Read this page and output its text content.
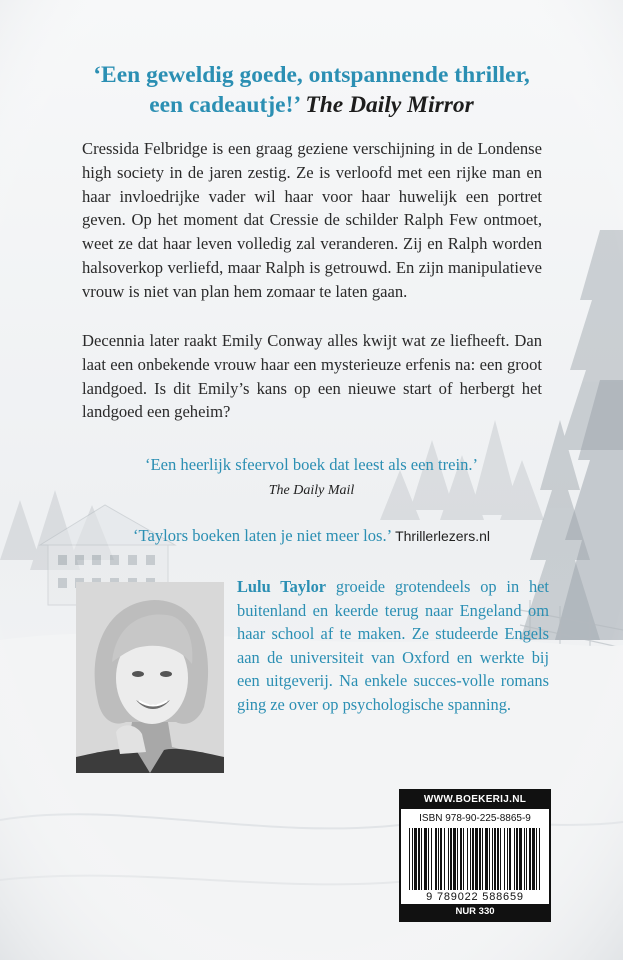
‘Een geweldig goede, ontspannende thriller,
een cadeautje!’ The Daily Mirror

Cressida Felbridge is een graag geziene verschijning in de Londense high society in de jaren zestig. Ze is verloofd met een rijke man en haar invloedrijke vader wil haar voor haar huwelijk een portret geven. Op het moment dat Cressie de schilder Ralph Few ontmoet, weet ze dat haar leven volledig zal veranderen. Zij en Ralph worden halsoverkop verliefd, maar Ralph is getrouwd. En zijn manipulatieve vrouw is niet van plan hem zomaar te laten gaan.

Decennia later raakt Emily Conway alles kwijt wat ze liefheeft. Dan laat een onbekende vrouw haar een mysterieuze erfenis na: een groot landgoed. Is dit Emily’s kans op een nieuwe start of herbergt het landgoed een geheim?

‘Een heerlijk sfeervol boek dat leest als een trein.’

The Daily Mail

‘Taylors boeken laten je niet meer los.’ Thrillerlezers.nl

Lulu Taylor groeide grotendeels op in het buitenland en keerde terug naar Engeland om haar school af te maken. Ze studeerde Engels aan de universiteit van Oxford en werkte bij een uitgeverij. Na enkele succes-volle romans ging ze over op psychologische spanning.

WWW.BOEKERIJ.NL
ISBN 978-90-225-8865-9
9 789022 588659
NUR 330
